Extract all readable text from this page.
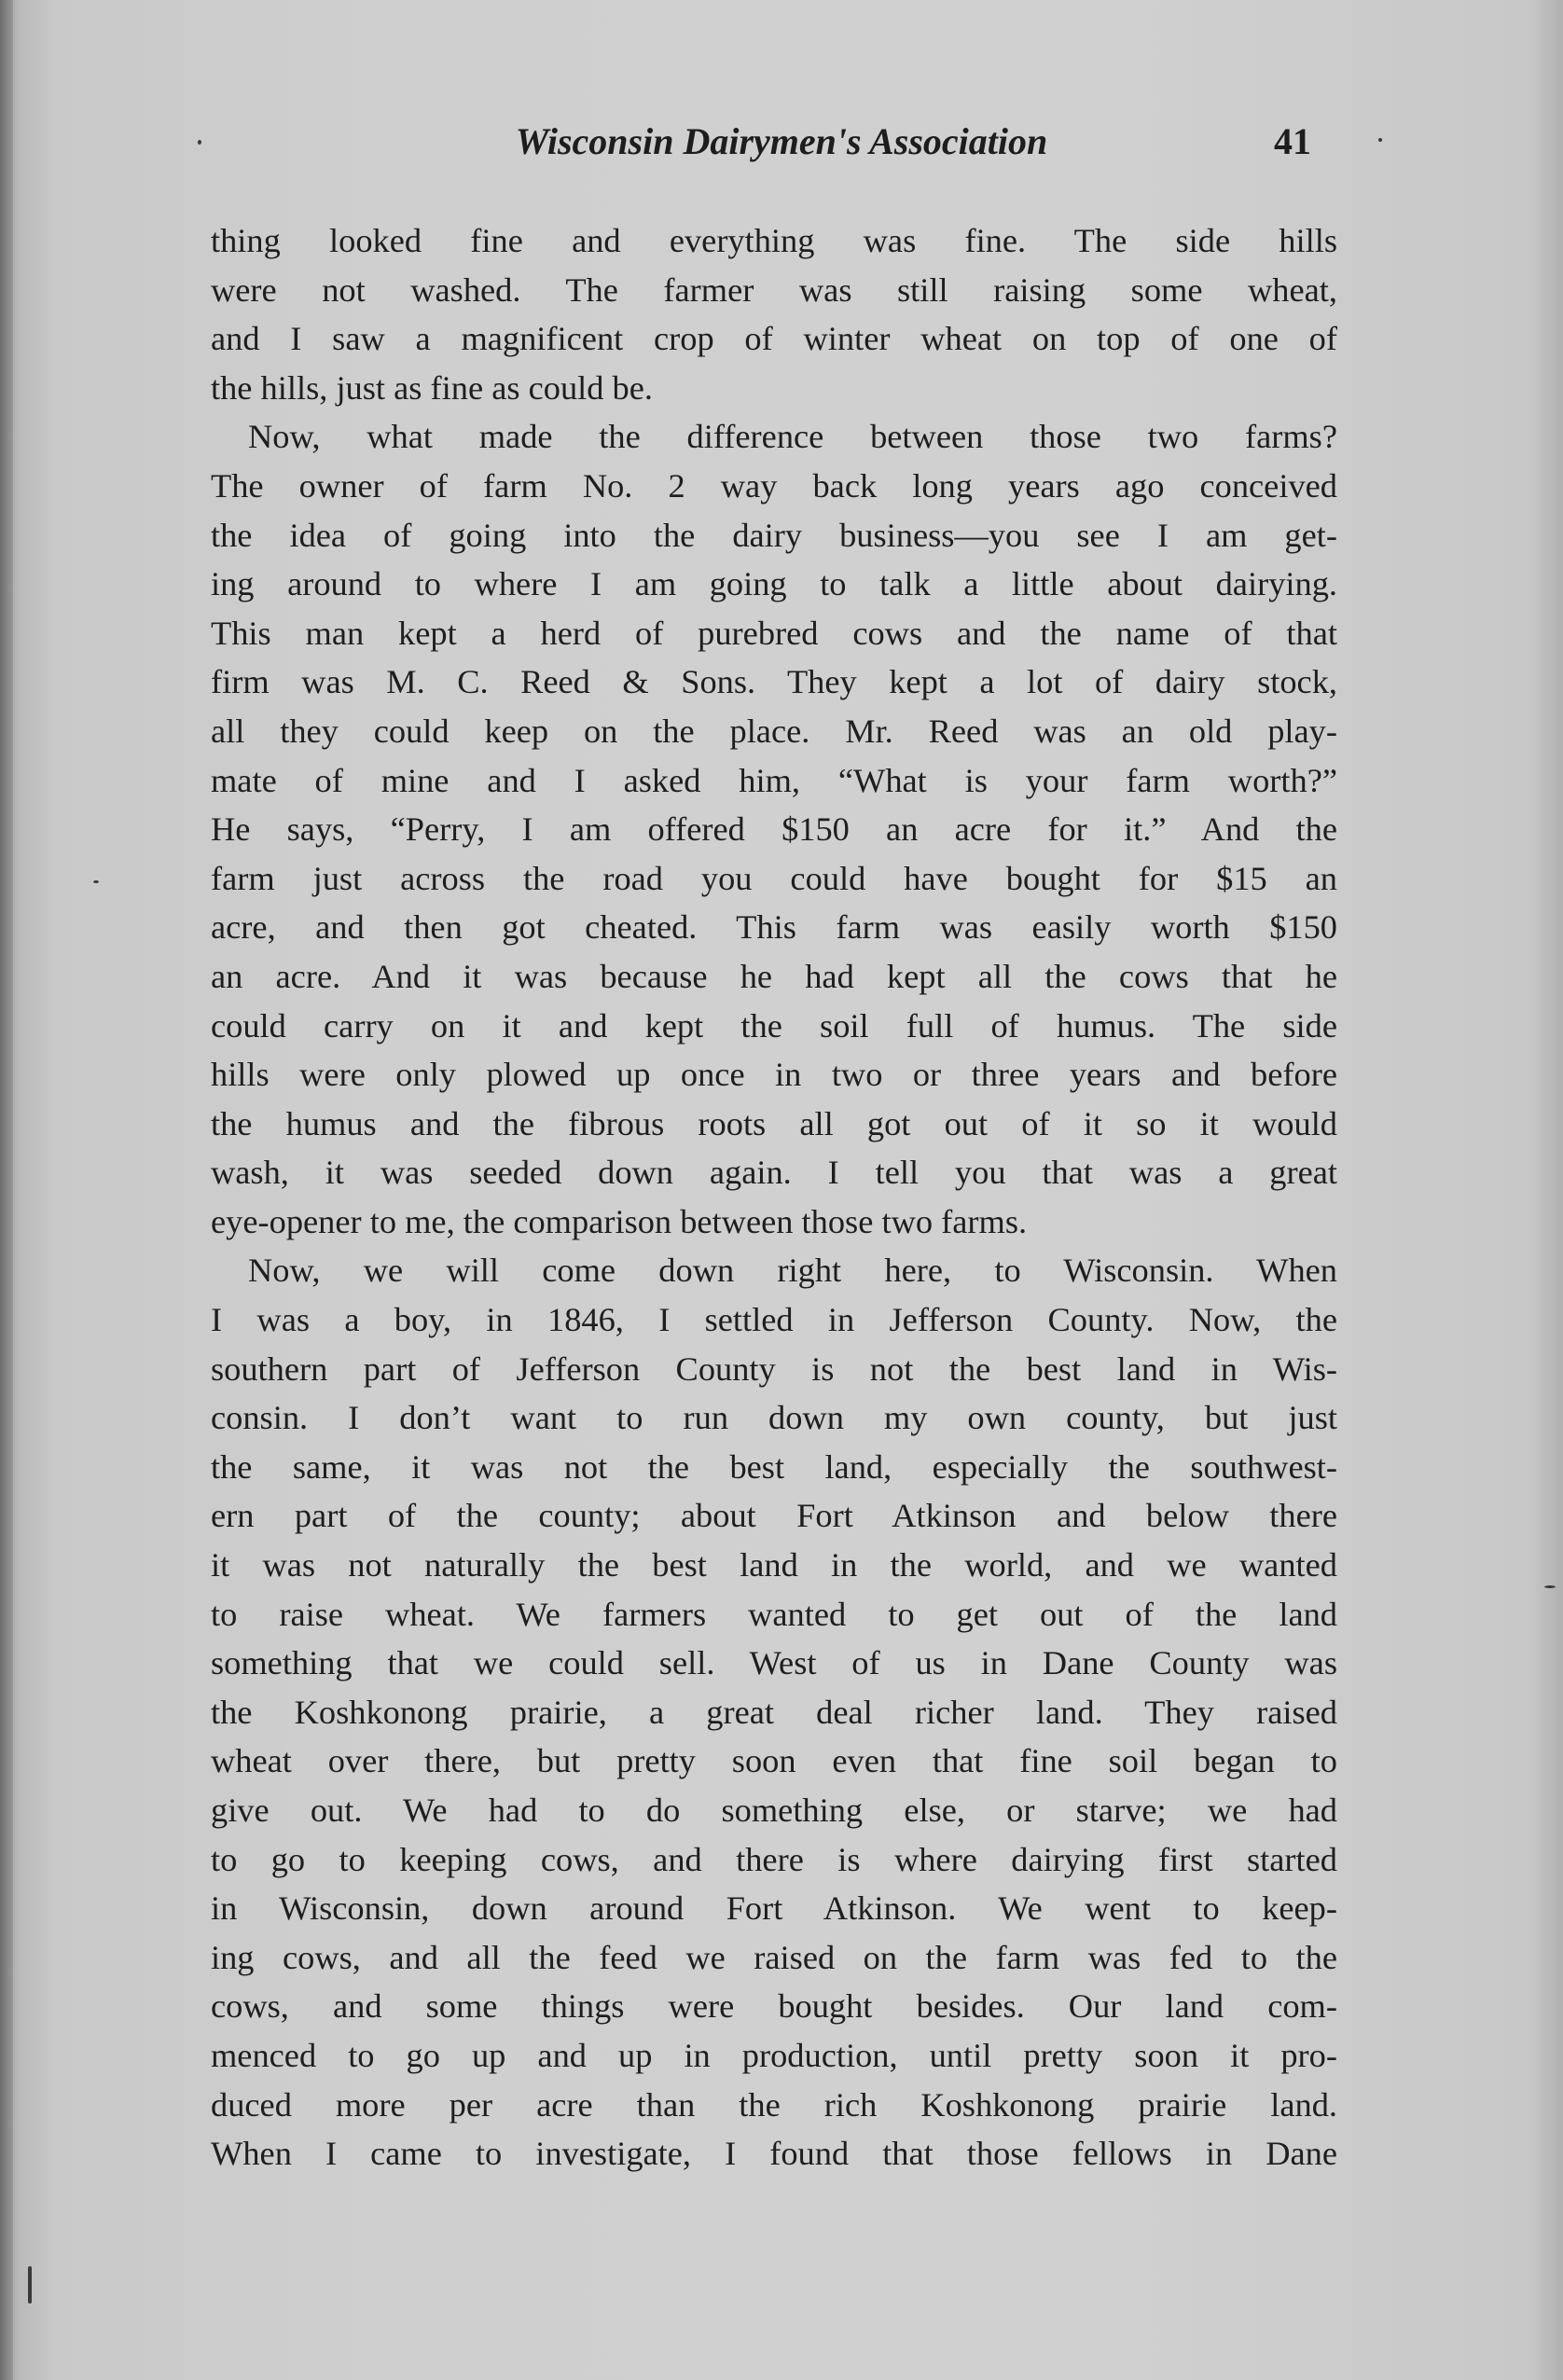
Wisconsin Dairymen's Association	41
thing looked fine and everything was fine. The side hills
were not washed. The farmer was still raising some wheat,
and I saw a magnificent crop of winter wheat on top of one of
the hills, just as fine as could be.
Now, what made the difference between those two farms?
The owner of farm No. 2 way back long years ago conceived
the idea of going into the dairy business—you see I am get-
ing around to where I am going to talk a little about dairying.
This man kept a herd of purebred cows and the name of that
firm was M. C. Reed & Sons. They kept a lot of dairy stock,
all they could keep on the place. Mr. Reed was an old play-
mate of mine and I asked him, “What is your farm worth?”
He says, “Perry, I am offered $150 an acre for it.” And the
farm just across the road you could have bought for $15 an
acre, and then got cheated. This farm was easily worth $150
an acre. And it was because he had kept all the cows that he
could carry on it and kept the soil full of humus. The side
hills were only plowed up once in two or three years and before
the humus and the fibrous roots all got out of it so it would
wash, it was seeded down again. I tell you that was a great
eye-opener to me, the comparison between those two farms.
Now, we will come down right here, to Wisconsin. When
I was a boy, in 1846, I settled in Jefferson County. Now, the
southern part of Jefferson County is not the best land in Wis-
consin. I don’t want to run down my own county, but just
the same, it was not the best land, especially the southwest-
ern part of the county; about Fort Atkinson and below there
it was not naturally the best land in the world, and we wanted
to raise wheat. We farmers wanted to get out of the land
something that we could sell. West of us in Dane County was
the Koshkonong prairie, a great deal richer land. They raised
wheat over there, but pretty soon even that fine soil began to
give out. We had to do something else, or starve; we had
to go to keeping cows, and there is where dairying first started
in Wisconsin, down around Fort Atkinson. We went to keep-
ing cows, and all the feed we raised on the farm was fed to the
cows, and some things were bought besides. Our land com-
menced to go up and up in production, until pretty soon it pro-
duced more per acre than the rich Koshkonong prairie land.
When I came to investigate, I found that those fellows in Dane
